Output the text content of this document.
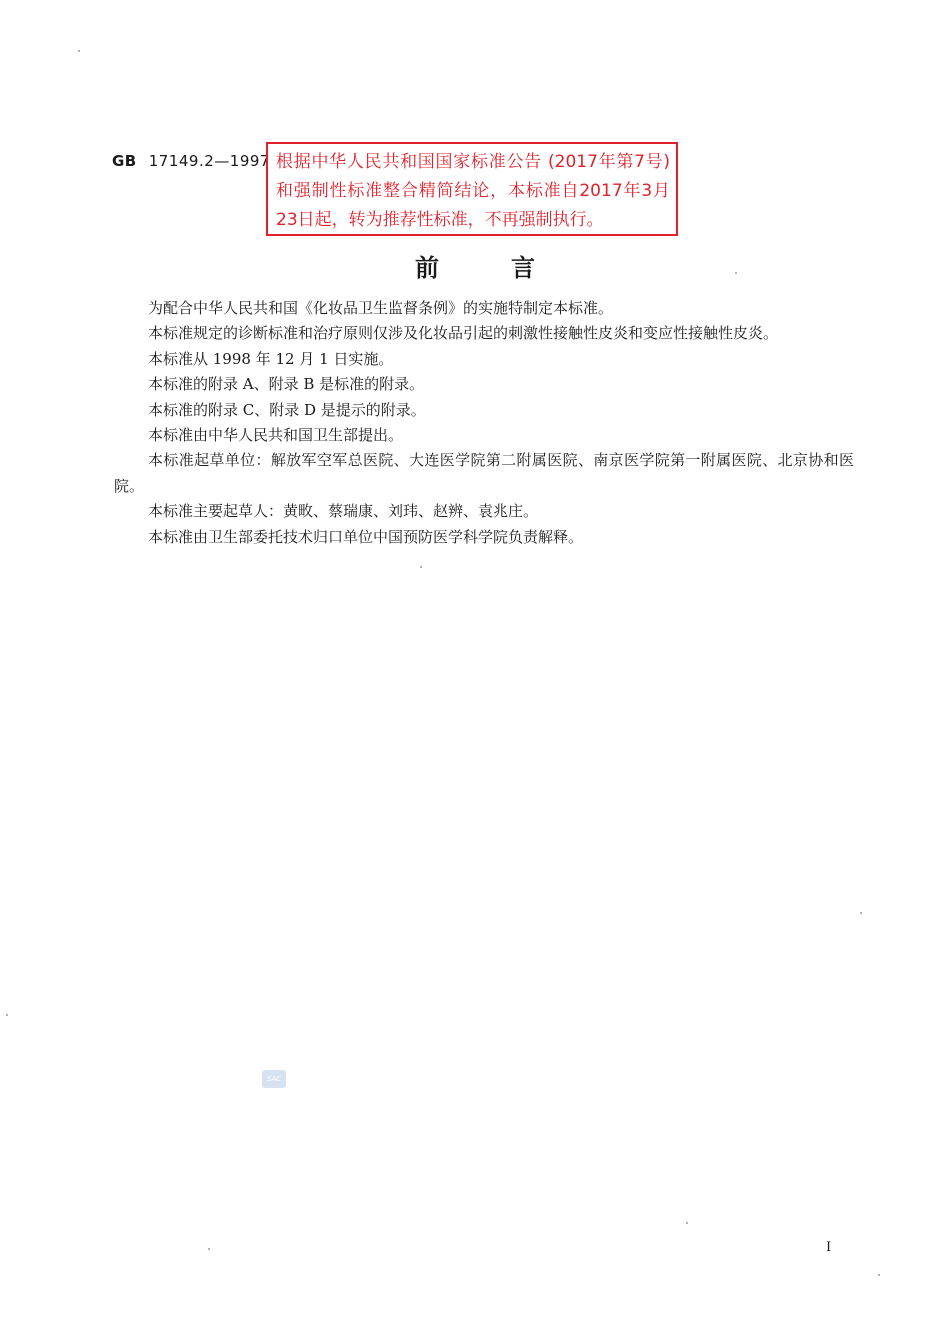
GB 17149.2—1997 根据中华人民共和国国家标准公告 (2017年第7号) 和强制性标准整合精简结论，本标准自2017年3月23日起，转为推荐性标准，不再强制执行。
前言

为配合中华人民共和国《化妆品卫生监督条例》的实施特制定本标准。

本标准规定的诊断标准和治疗原则仅涉及化妆品引起的刺激性接触性皮炎和变应性接触性皮炎。

本标准从 1998 年 12 月 1 日实施。

本标准的附录 A、附录 B 是标准的附录。

本标准的附录 C、附录 D 是提示的附录。

本标准由中华人民共和国卫生部提出。

本标准起草单位：解放军空军总医院、大连医学院第二附属医院、南京医学院第一附属医院、北京协和医院。

本标准主要起草人：黄畋、蔡瑞康、刘玮、赵辨、袁兆庄。

本标准由卫生部委托技术归口单位中国预防医学科学院负责解释。

SAC
I
